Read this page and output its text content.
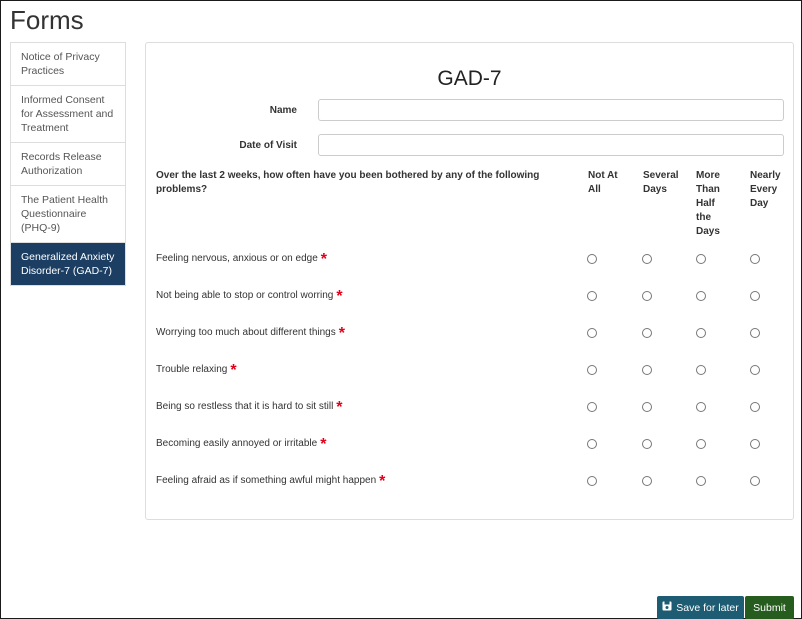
Forms
Notice of Privacy Practices
Informed Consent for Assessment and Treatment
Records Release Authorization
The Patient Health Questionnaire (PHQ-9)
Generalized Anxiety Disorder-7 (GAD-7)
GAD-7
Name
Date of Visit
Over the last 2 weeks, how often have you been bothered by any of the following problems?
Not At All
Several Days
More Than Half the Days
Nearly Every Day
Feeling nervous, anxious or on edge *
Not being able to stop or control worring *
Worrying too much about different things *
Trouble relaxing *
Being so restless that it is hard to sit still *
Becoming easily annoyed or irritable *
Feeling afraid as if something awful might happen *
Save for later	Submit
